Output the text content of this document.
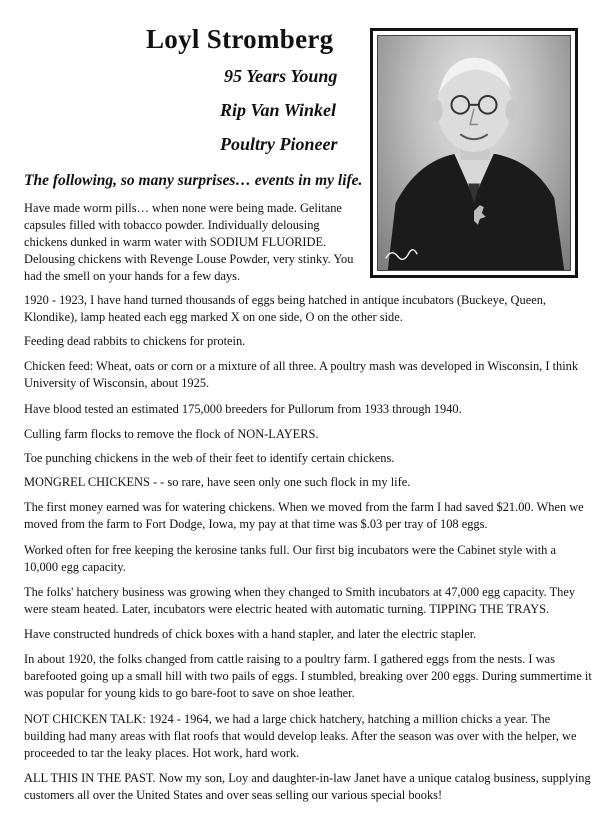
Loyl Stromberg
95 Years Young
Rip Van Winkel
Poultry Pioneer
The following, so many surprises… events in my life.
Have made worm pills… when none were being made. Gelitane capsules filled with tobacco powder. Individually delousing chickens dunked in warm water with SODIUM FLUORIDE. Delousing chickens with Revenge Louse Powder, very stinky. You had the smell on your hands for a few days.
1920 - 1923, I have hand turned thousands of eggs being hatched in antique incubators (Buckeye, Queen, Klondike), lamp heated each egg marked X on one side, O on the other side.
Feeding dead rabbits to chickens for protein.
Chicken feed: Wheat, oats or corn or a mixture of all three. A poultry mash was developed in Wisconsin, I think University of Wisconsin, about 1925.
Have blood tested an estimated 175,000 breeders for Pullorum from 1933 through 1940.
Culling farm flocks to remove the flock of NON-LAYERS.
Toe punching chickens in the web of their feet to identify certain chickens.
MONGREL CHICKENS - - so rare, have seen only one such flock in my life.
The first money earned was for watering chickens. When we moved from the farm I had saved $21.00. When we moved from the farm to Fort Dodge, Iowa, my pay at that time was $.03 per tray of 108 eggs.
Worked often for free keeping the kerosine tanks full. Our first big incubators were the Cabinet style with a 10,000 egg capacity.
The folks' hatchery business was growing when they changed to Smith incubators at 47,000 egg capacity. They were steam heated. Later, incubators were electric heated with automatic turning. TIPPING THE TRAYS.
Have constructed hundreds of chick boxes with a hand stapler, and later the electric stapler.
In about 1920, the folks changed from cattle raising to a poultry farm. I gathered eggs from the nests. I was barefooted going up a small hill with two pails of eggs. I stumbled, breaking over 200 eggs. During summertime it was popular for young kids to go bare-foot to save on shoe leather.
NOT CHICKEN TALK: 1924 - 1964, we had a large chick hatchery, hatching a million chicks a year. The building had many areas with flat roofs that would develop leaks. After the season was over with the helper, we proceeded to tar the leaky places. Hot work, hard work.
ALL THIS IN THE PAST. Now my son, Loy and daughter-in-law Janet have a unique catalog business, supplying customers all over the United States and over seas selling our various special books!
